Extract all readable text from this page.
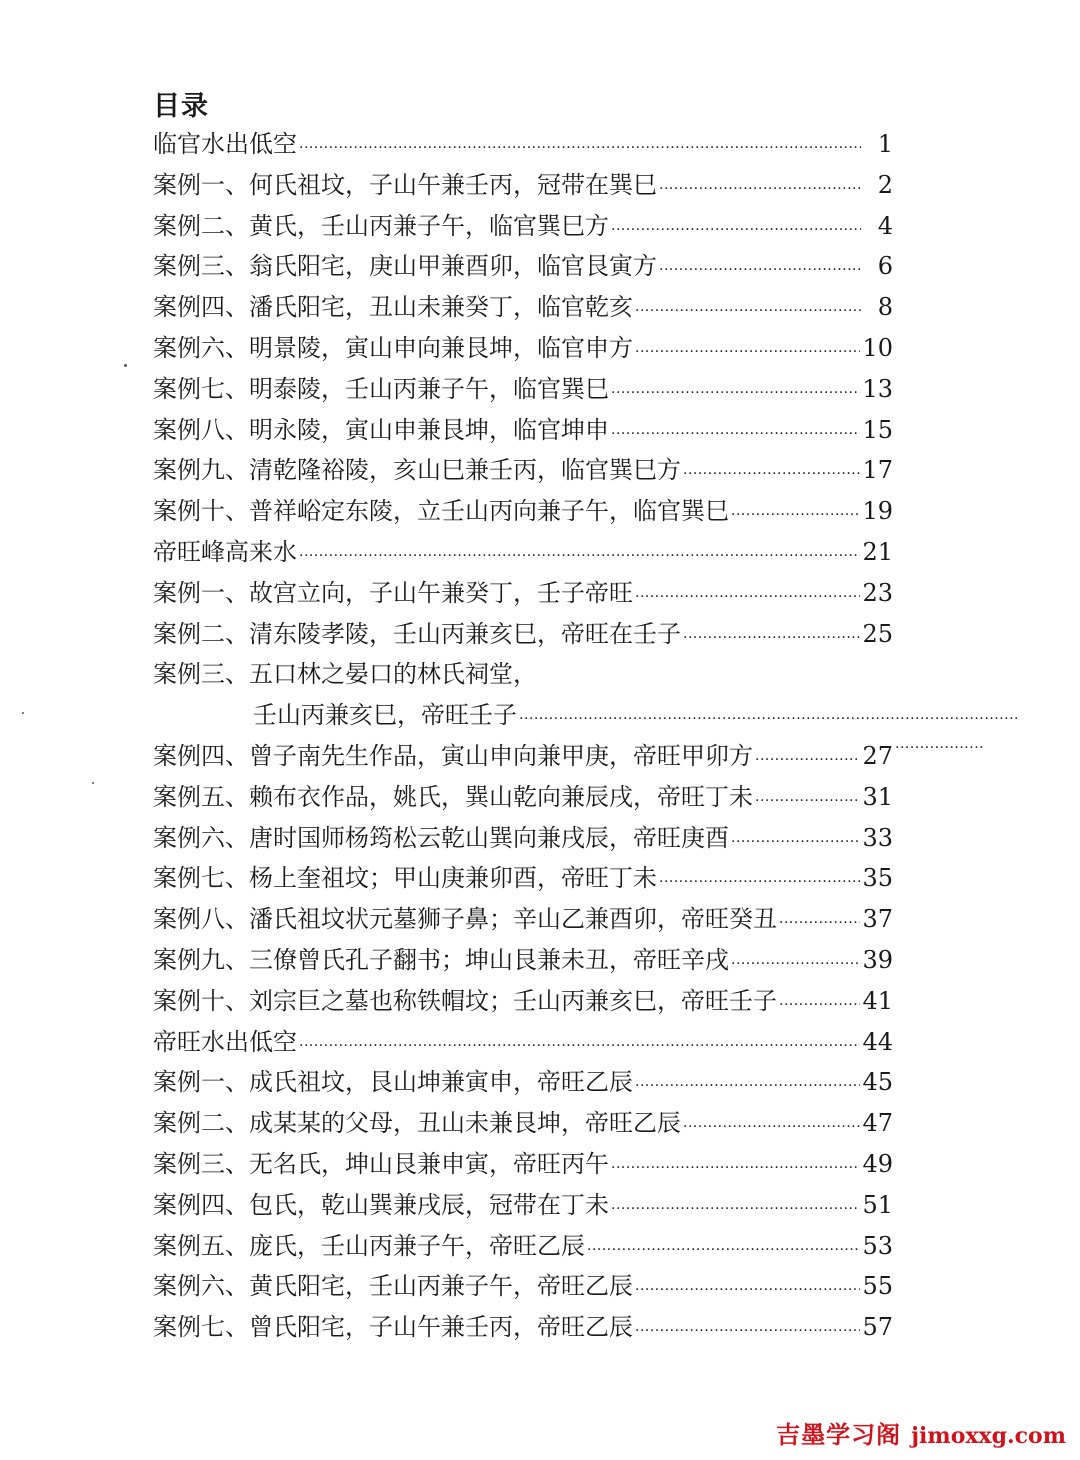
目录
临官水出低空 ·····	1
案例一、何氏祖坟，子山午兼壬丙，冠带在巽巳 ·····	2
案例二、黄氏，壬山丙兼子午，临官巽巳方 ·····	4
案例三、翁氏阳宅，庚山甲兼酉卯，临官艮寅方 ·····	6
案例四、潘氏阳宅，丑山未兼癸丁，临官乾亥 ·····	8
案例六、明景陵，寅山申向兼艮坤，临官申方 ·····	10
案例七、明泰陵，壬山丙兼子午，临官巽巳 ·····	13
案例八、明永陵，寅山申兼艮坤，临官坤申 ·····	15
案例九、清乾隆裕陵，亥山巳兼壬丙，临官巽巳方 ·····	17
案例十、普祥峪定东陵，立壬山丙向兼子午，临官巽巳 ·····	19
帝旺峰高来水 ·····	21
案例一、故宫立向，子山午兼癸丁，壬子帝旺 ·····	23
案例二、清东陵孝陵，壬山丙兼亥巳，帝旺在壬子 ·····	25
案例三、五口林之晏口的林氏祠堂，
壬山丙兼亥巳，帝旺壬子
·····
案例四、曾子南先生作品，寅山申向兼甲庚，帝旺甲卯方 ·····	27
案例五、赖布衣作品，姚氏，巽山乾向兼辰戌，帝旺丁未 ·····	31
案例六、唐时国师杨筠松云乾山巽向兼戌辰，帝旺庚酉 ·····	33
案例七、杨上奎祖坟；甲山庚兼卯酉，帝旺丁未 ·····	35
案例八、潘氏祖坟状元墓狮子鼻；辛山乙兼酉卯，帝旺癸丑 ·····	37
案例九、三僚曾氏孔子翻书；坤山艮兼未丑，帝旺辛戌 ·····	39
案例十、刘宗巨之墓也称铁帽坟；壬山丙兼亥巳，帝旺壬子 ·····	41
帝旺水出低空 ·····	44
案例一、成氏祖坟，艮山坤兼寅申，帝旺乙辰 ·····	45
案例二、成某某的父母，丑山未兼艮坤，帝旺乙辰 ·····	47
案例三、无名氏，坤山艮兼申寅，帝旺丙午 ·····	49
案例四、包氏，乾山巽兼戌辰，冠带在丁未 ·····	51
案例五、庞氏，壬山丙兼子午，帝旺乙辰 ·····	53
案例六、黄氏阳宅，壬山丙兼子午，帝旺乙辰 ·····	55
案例七、曾氏阳宅，子山午兼壬丙，帝旺乙辰 ·····	57
··················
吉墨学习阁 jimoxxg.com
